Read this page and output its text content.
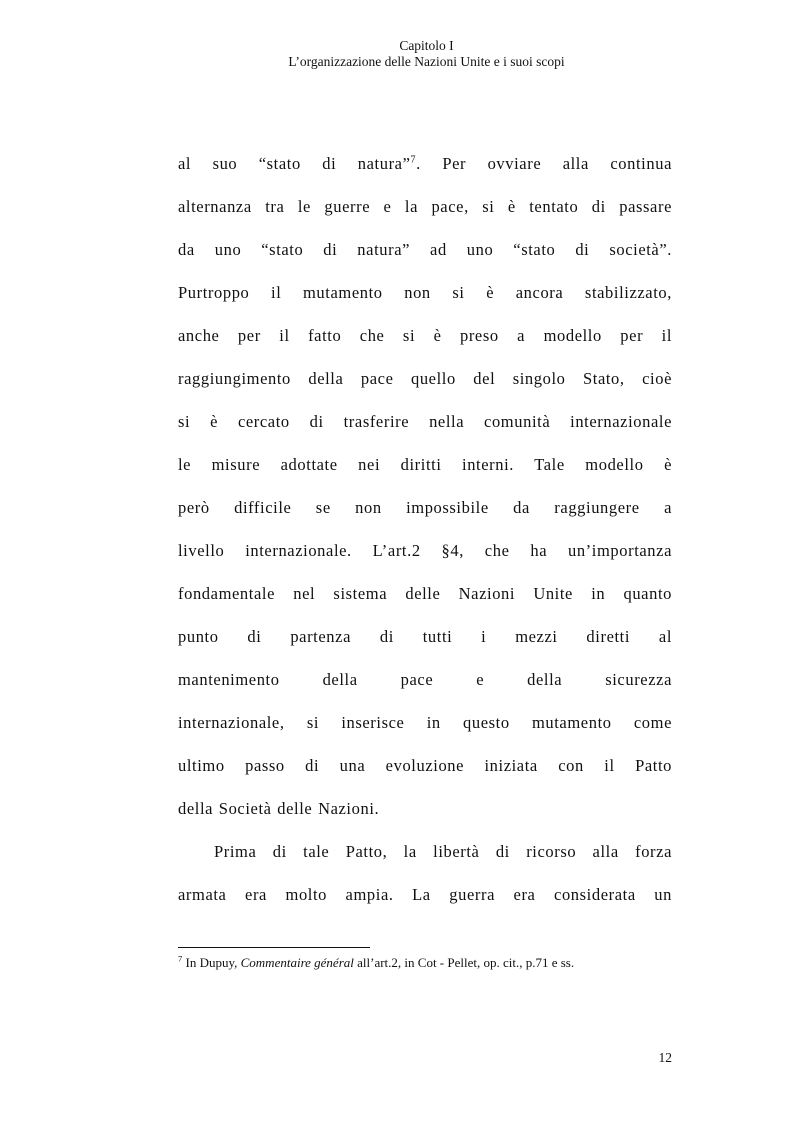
Capitolo I
L’organizzazione delle Nazioni Unite e i suoi scopi
al suo “stato di natura”$^7$. Per ovviare alla continua
alternanza tra le guerre e la pace, si è tentato di passare
da uno “stato di natura” ad uno “stato di società”.
Purtroppo il mutamento non si è ancora stabilizzato,
anche per il fatto che si è preso a modello per il
raggiungimento della pace quello del singolo Stato, cioè
si è cercato di trasferire nella comunità internazionale
le misure adottate nei diritti interni. Tale modello è
però difficile se non impossibile da raggiungere a
livello internazionale. L’art.2 §4, che ha un’importanza
fondamentale nel sistema delle Nazioni Unite in quanto
punto di partenza di tutti i mezzi diretti al
mantenimento della pace e della sicurezza
internazionale, si inserisce in questo mutamento come
ultimo passo di una evoluzione iniziata con il Patto
della Società delle Nazioni.
Prima di tale Patto, la libertà di ricorso alla forza
armata era molto ampia. La guerra era considerata un
$^7$ In Dupuy, Commentaire général all’art.2, in Cot - Pellet, op. cit., p.71 e ss.
12
